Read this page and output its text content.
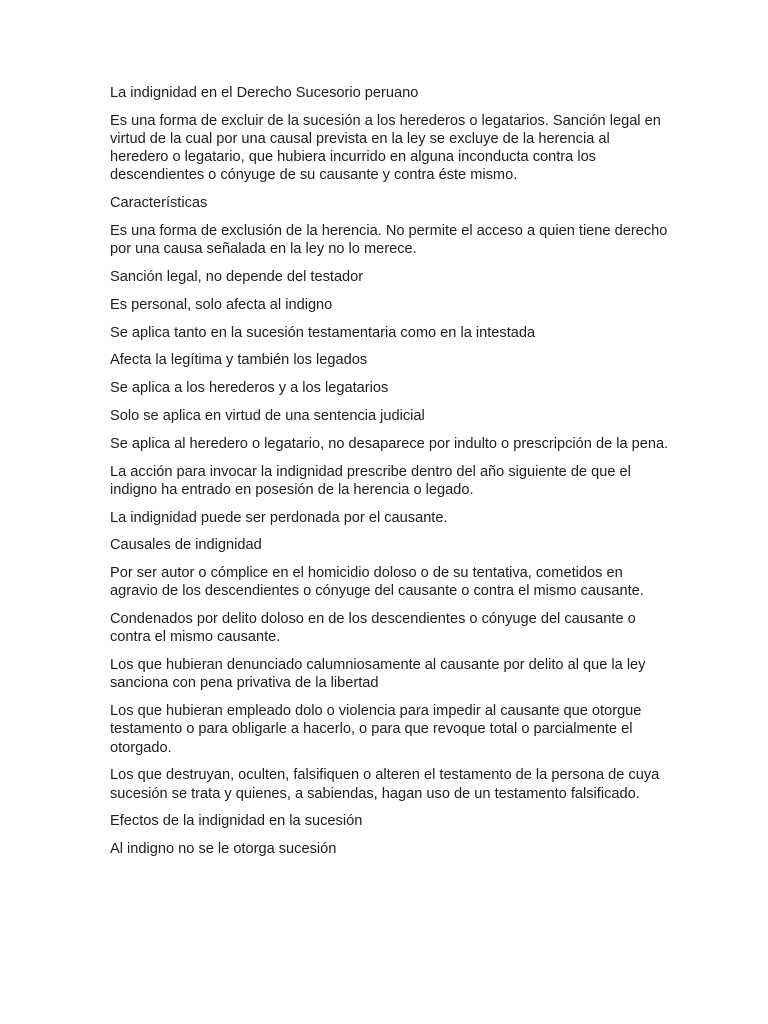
La indignidad en el Derecho Sucesorio peruano

Es una forma de excluir de la sucesión a los herederos o legatarios. Sanción legal en virtud de la cual por una causal prevista en la ley se excluye de la herencia al heredero o legatario, que hubiera incurrido en alguna inconducta contra los descendientes o cónyuge de su causante y contra éste mismo.

Características

Es una forma de exclusión de la herencia. No permite el acceso a quien tiene derecho por una causa señalada en la ley no lo merece.

Sanción legal, no depende del testador

Es personal, solo afecta al indigno

Se aplica tanto en la sucesión testamentaria como en la intestada

Afecta la legítima y también los legados

Se aplica a los herederos y a los legatarios

Solo se aplica en virtud de una sentencia judicial

Se aplica al heredero o legatario, no desaparece por indulto o prescripción de la pena.

La acción para invocar la indignidad prescribe dentro del año siguiente de que el indigno ha entrado en posesión de la herencia o legado.

La indignidad puede ser perdonada por el causante.

Causales de indignidad

Por ser autor o cómplice en el homicidio doloso o de su tentativa, cometidos en agravio de los descendientes o cónyuge del causante o contra el mismo causante.

Condenados por delito doloso en de los descendientes o cónyuge del causante o contra el mismo causante.

Los que hubieran denunciado calumniosamente al causante por delito al que la ley sanciona con pena privativa de la libertad

Los que hubieran empleado dolo o violencia para impedir al causante que otorgue testamento o para obligarle a hacerlo, o para que revoque total o parcialmente el otorgado.

Los que destruyan, oculten, falsifiquen o alteren el testamento de la persona de cuya sucesión se trata y quienes, a sabiendas, hagan uso de un testamento falsificado.

Efectos de la indignidad en la sucesión

Al indigno no se le otorga sucesión
